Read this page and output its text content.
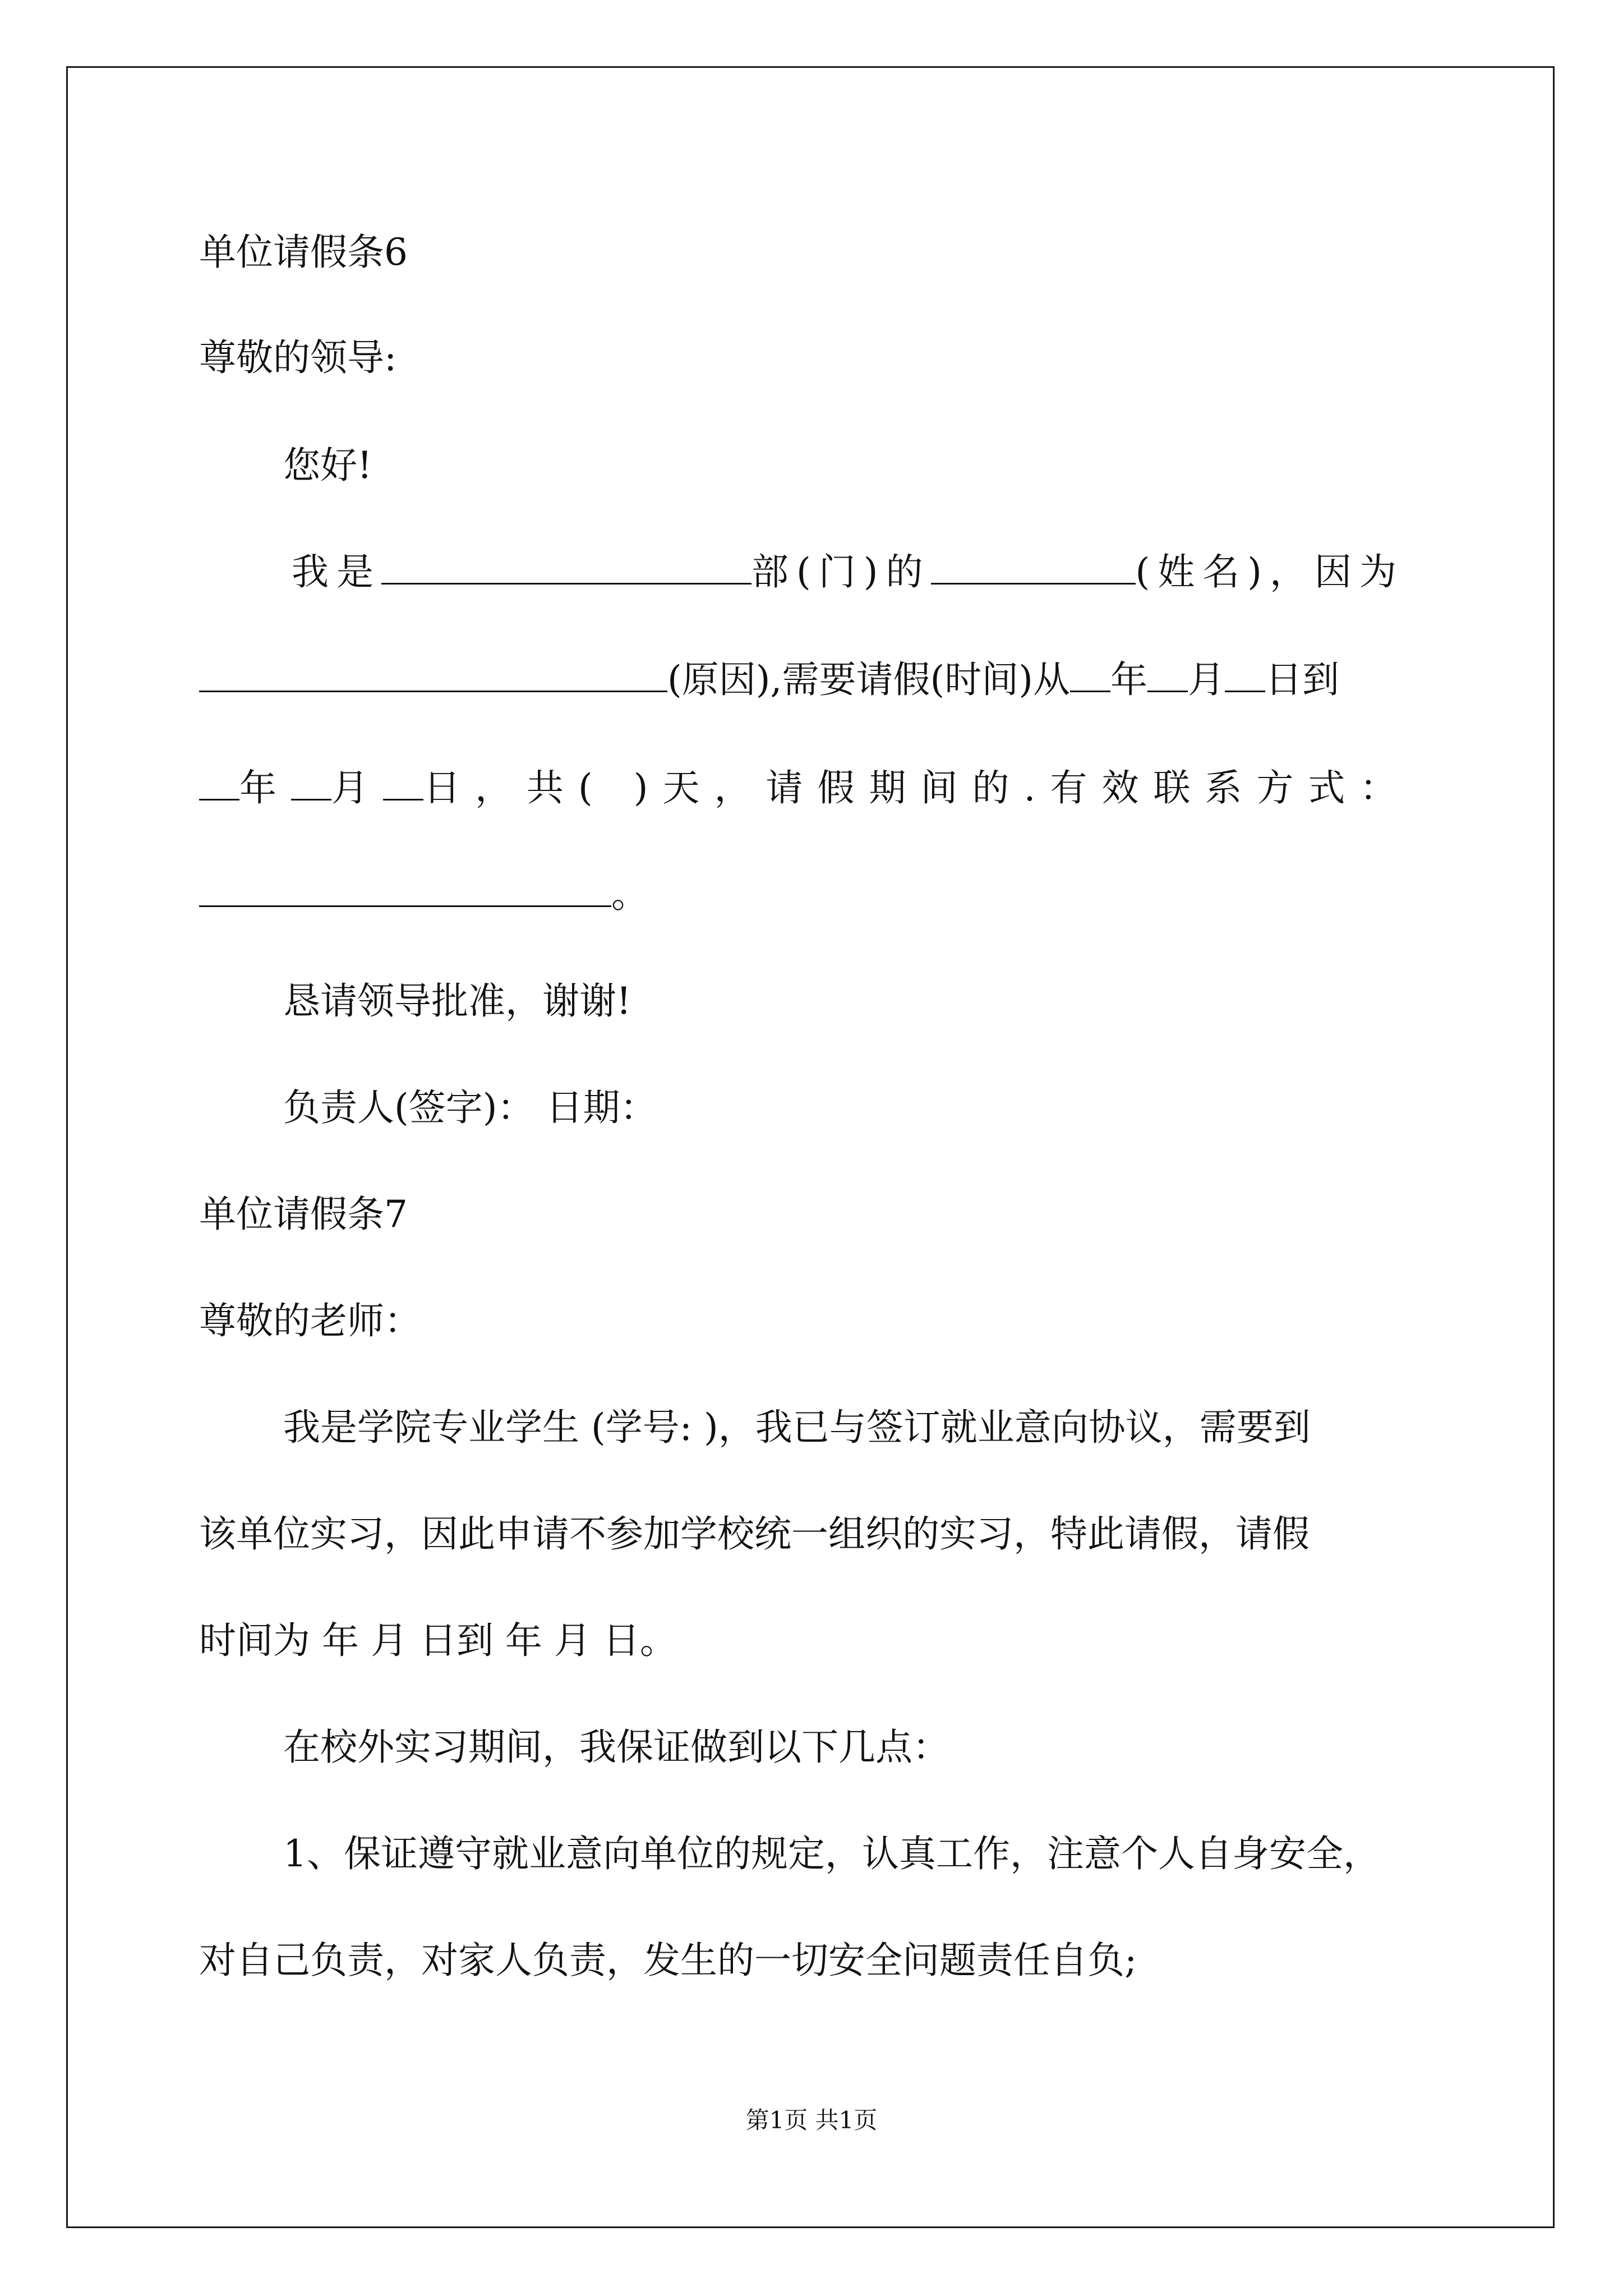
单位请假条6
尊敬的领导:
您好!
我是	部(门)的	(姓名)，因为
(原因),需要请假(时间)从 年 月 日到
年 月 日，共( )天，请假期间的.有效联系方式：
。
恳请领导批准，谢谢!
负责人(签字)： 日期：
单位请假条7
尊敬的老师：
我是学院专业学生 (学号: )，我已与签订就业意向协议，需要到
该单位实习，因此申请不参加学校统一组织的实习，特此请假，请假
时间为 年 月 日到 年 月 日。
在校外实习期间，我保证做到以下几点：
1、保证遵守就业意向单位的规定，认真工作，注意个人自身安全，
对自己负责，对家人负责，发生的一切安全问题责任自负;
第1页 共1页
